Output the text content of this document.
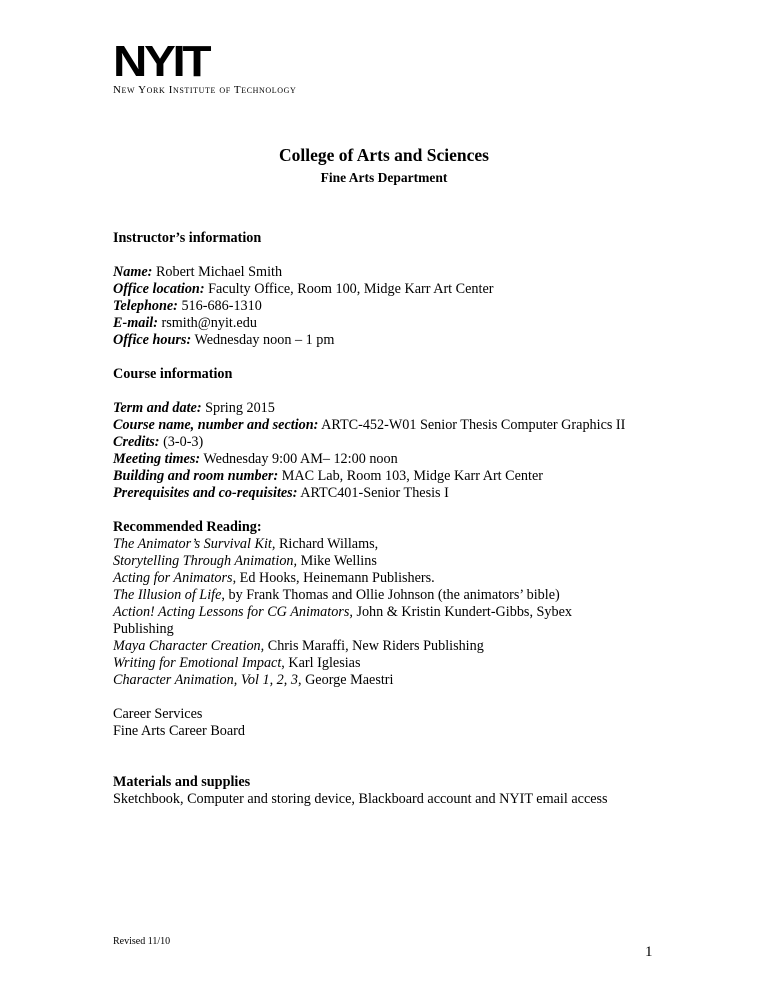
NYIT
New York Institute of Technology
College of Arts and Sciences
Fine Arts Department

Instructor’s information

Name: Robert Michael Smith

Office location: Faculty Office, Room 100, Midge Karr Art Center

Telephone: 516-686-1310

E-mail: rsmith@nyit.edu

Office hours: Wednesday noon – 1 pm

Course information

Term and date: Spring 2015

Course name, number and section: ARTC-452-W01 Senior Thesis Computer Graphics II

Credits: (3-0-3)

Meeting times: Wednesday 9:00 AM– 12:00 noon

Building and room number: MAC Lab, Room 103, Midge Karr Art Center

Prerequisites and co-requisites: ARTC401-Senior Thesis I

Recommended Reading:

The Animator’s Survival Kit, Richard Willams,

Storytelling Through Animation, Mike Wellins

Acting for Animators, Ed Hooks, Heinemann Publishers.

The Illusion of Life, by Frank Thomas and Ollie Johnson (the animators’ bible)

Action! Acting Lessons for CG Animators, John & Kristin Kundert-Gibbs, Sybex Publishing

Maya Character Creation, Chris Maraffi, New Riders Publishing

Writing for Emotional Impact, Karl Iglesias

Character Animation, Vol 1, 2, 3, George Maestri

Career Services

Fine Arts Career Board

Materials and supplies

Sketchbook, Computer and storing device, Blackboard account and NYIT email access

Revised 11/10
1
